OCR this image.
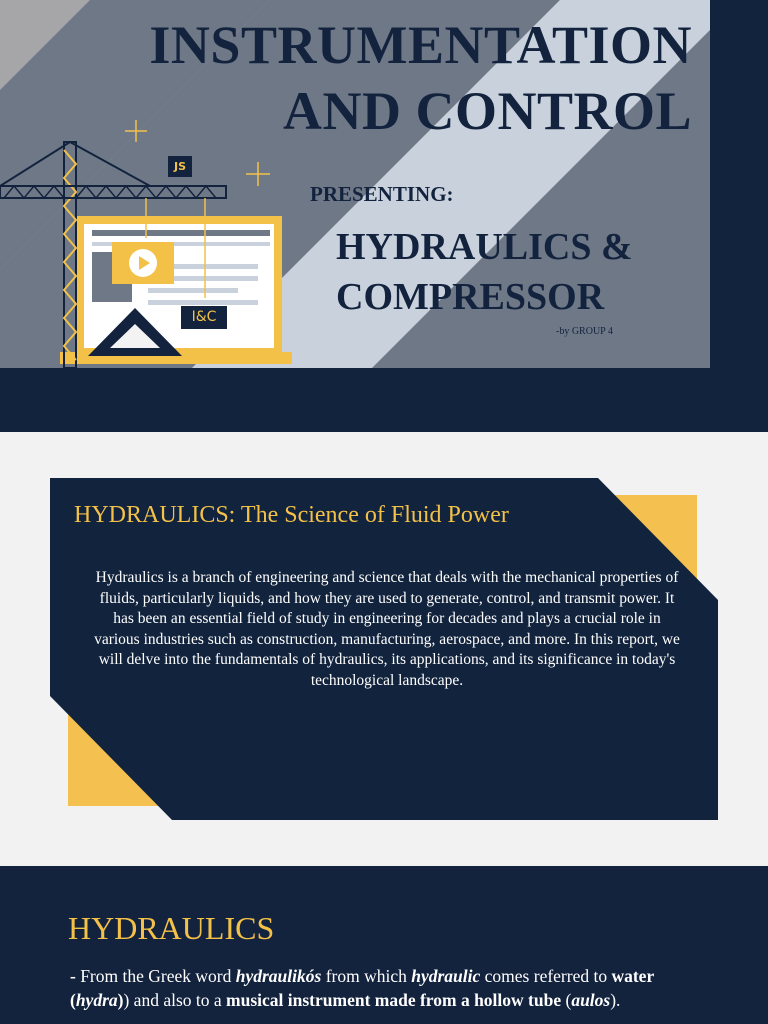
JS
I&C
INSTRUMENTATION
AND CONTROL

PRESENTING:

HYDRAULICS &
COMPRESSOR

-by GROUP 4

HYDRAULICS: The Science of Fluid Power

Hydraulics is a branch of engineering and science that deals with the mechanical properties of fluids, particularly liquids, and how they are used to generate, control, and transmit power. It has been an essential field of study in engineering for decades and plays a crucial role in various industries such as construction, manufacturing, aerospace, and more. In this report, we will delve into the fundamentals of hydraulics, its applications, and its significance in today's technological landscape.

HYDRAULICS

- From the Greek word hydraulikós from which hydraulic comes referred to water (hydra)) and also to a musical instrument made from a hollow tube (aulos).
